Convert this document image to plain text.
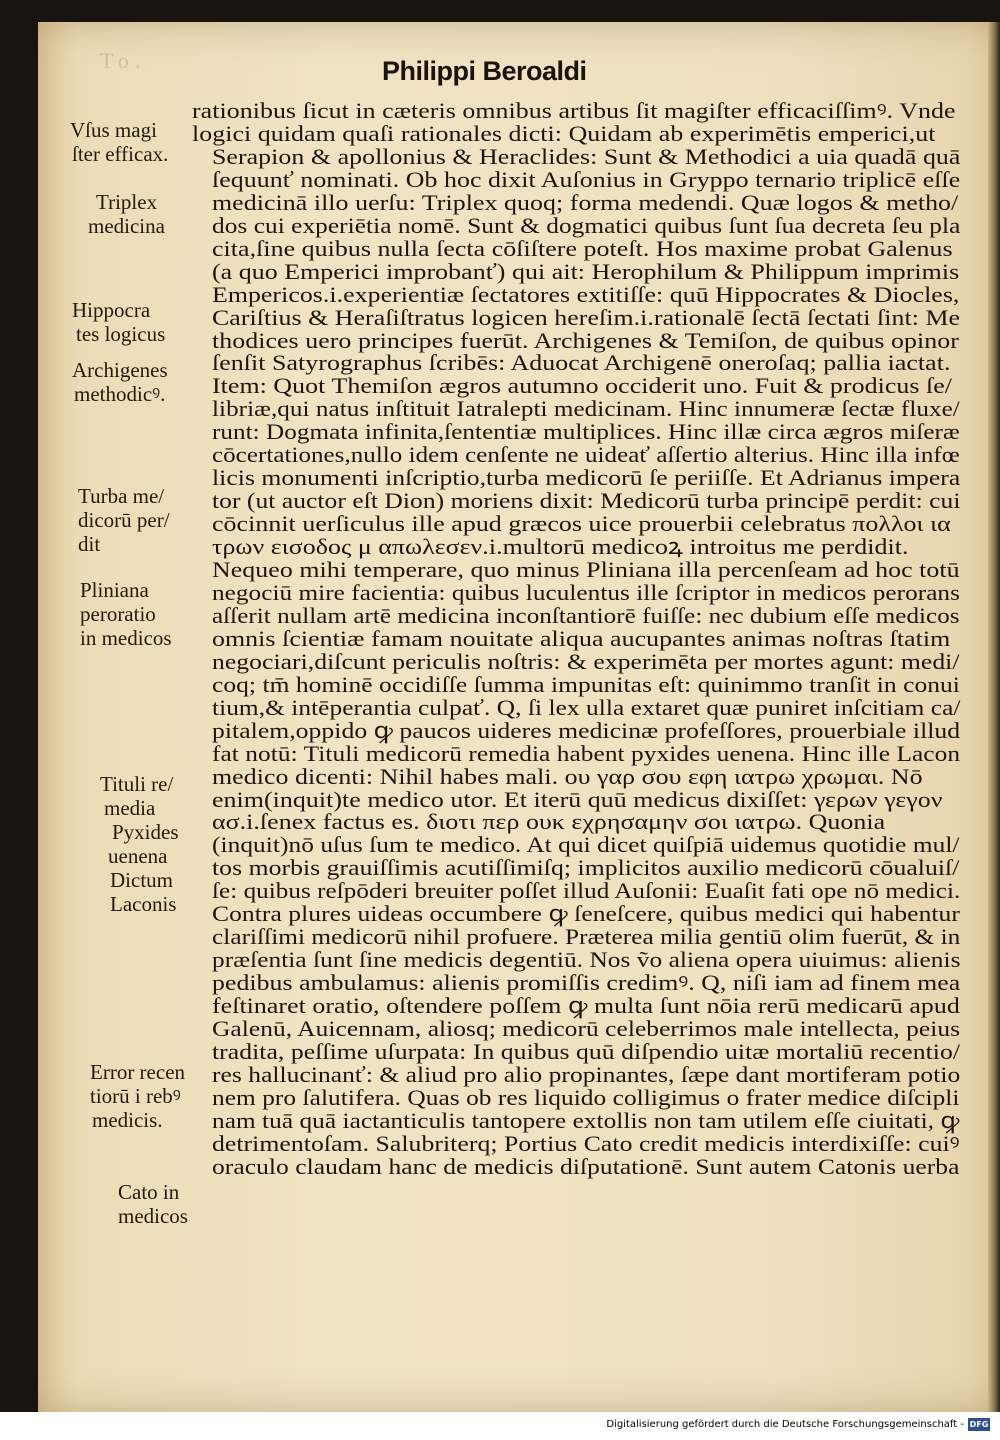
To.	Philippi Beroaldi
rationibus ſicut in cæteris omnibus artibus ſit magiſter efficaciſſimꝰ. Vnde
logici quidam quaſi rationales dicti: Quidam ab experimētis emperici,ut
Serapion & apollonius & Heraclides: Sunt & Methodici a uia quadā quā
ſequunť nominati. Ob hoc dixit Auſonius in Gryppo ternario triplicē eſſe
medicinā illo uerſu: Triplex quoq; forma medendi. Quæ logos & metho/
dos cui experiētia nomē. Sunt & dogmatici quibus ſunt ſua decreta ſeu pla
cita,ſine quibus nulla ſecta cōſiſtere poteſt. Hos maxime probat Galenus
(a quo Emperici improbanť) qui ait: Herophilum & Philippum imprimis
Empericos.i.experientiæ ſectatores extitiſſe: quū Hippocrates & Diocles,
Cariſtius & Heraſiſtratus logicen hereſim.i.rationalē ſectā ſectati ſint: Me
thodices uero principes fuerūt. Archigenes & Temiſon, de quibus opinor
ſenſit Satyrographus ſcribēs: Aduocat Archigenē oneroſaq; pallia iactat.
Item: Quot Themiſon ægros autumno occiderit uno. Fuit & prodicus ſe/
libriæ,qui natus inſtituit Iatralepti medicinam. Hinc innumeræ ſectæ fluxe/
runt: Dogmata infinita,ſententiæ multiplices. Hinc illæ circa ægros miſeræ
cōcertationes,nullo idem cenſente ne uideať aſſertio alterius. Hinc illa infœ
licis monumenti inſcriptio,turba medicorū ſe periiſſe. Et Adrianus impera
tor (ut auctor eſt Dion) moriens dixit: Medicorū turba principē perdit: cui
cōcinnit uerſiculus ille apud græcos uice prouerbii celebratus πολλοι ια
τρων εισοδος μ απωλεσεν.i.multorū medicoꝝ introitus me perdidit.
Nequeo mihi temperare, quo minus Pliniana illa percenſeam ad hoc totū
negociū mire facientia: quibus luculentus ille ſcriptor in medicos perorans
aſſerit nullam artē medicina inconſtantiorē fuiſſe: nec dubium eſſe medicos
omnis ſcientiæ famam nouitate aliqua aucupantes animas noſtras ſtatim
negociari,diſcunt periculis noſtris: & experimēta per mortes agunt: medi/
coq; tm̄ hominē occidiſſe ſumma impunitas eſt: quinimmo tranſit in conui
tium,& intēperantia culpať. Q, ſi lex ulla extaret quæ puniret inſcitiam ca/
pitalem,oppido ꝙ paucos uideres medicinæ profeſſores, prouerbiale illud
fat notū: Tituli medicorū remedia habent pyxides uenena. Hinc ille Lacon
medico dicenti: Nihil habes mali. ου γαρ σου εφη ιατρω χρωμαι. Nō
enim(inquit)te medico utor. Et iterū quū medicus dixiſſet: γερων γεγον
ασ.i.ſenex factus es. διοτι περ ουκ εχρησαμην σοι ιατρω. Quonia
(inquit)nō uſus ſum te medico. At qui dicet quiſpiā uidemus quotidie mul/
tos morbis grauiſſimis acutiſſimiſq; implicitos auxilio medicorū cōualuiſ/
ſe: quibus reſpōderi breuiter poſſet illud Auſonii: Euaſit fati ope nō medici.
Contra plures uideas occumbere ꝙ ſeneſcere, quibus medici qui habentur
clariſſimi medicorū nihil profuere. Præterea milia gentiū olim fuerūt, & in
præſentia ſunt ſine medicis degentiū. Nos ṽo aliena opera uiuimus: alienis
pedibus ambulamus: alienis promiſſis credimꝰ. Q, niſi iam ad finem mea
feſtinaret oratio, oſtendere poſſem ꝙ multa ſunt nōia rerū medicarū apud
Galenū, Auicennam, aliosq; medicorū celeberrimos male intellecta, peius
tradita, peſſime uſurpata: In quibus quū diſpendio uitæ mortaliū recentio/
res hallucinanť: & aliud pro alio propinantes, ſæpe dant mortiferam potio
nem pro ſalutifera. Quas ob res liquido colligimus o frater medice diſcipli
nam tuā quā iactanticulis tantopere extollis non tam utilem eſſe ciuitati, ꝙ
detrimentoſam. Salubriterq; Portius Cato credit medicis interdixiſſe: cuiꝰ
oraculo claudam hanc de medicis diſputationē. Sunt autem Catonis uerba
Vſus magi
ſter efficax.
Triplex
medicina
Hippocra
tes logicus
Archigenes
methodicꝰ.
Turba me/
dicorū per/
dit
Pliniana
peroratio
in medicos
Tituli re/
media
Pyxides
uenena
Dictum
Laconis
Error recen
tiorū i rebꝰ
medicis.
Cato in
medicos
Digitalisierung gefördert durch die Deutsche Forschungsgemeinschaft - DFG
